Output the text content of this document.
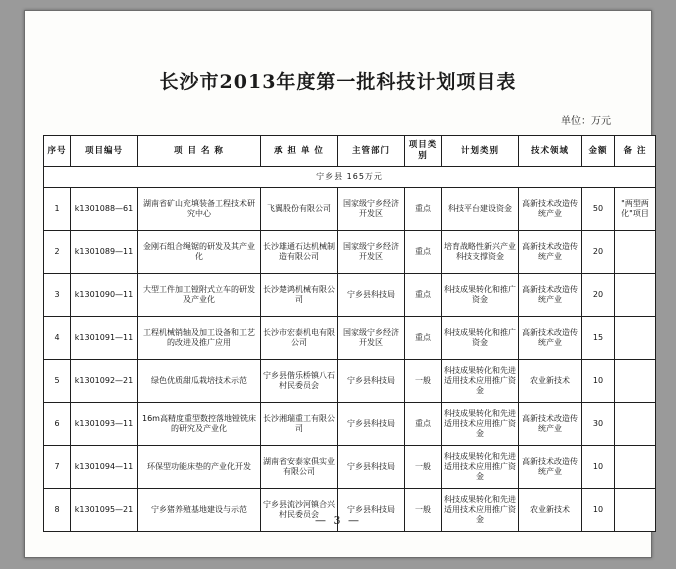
长沙市2013年度第一批科技计划项目表
单位：万元
序号	项目编号	项 目 名 称	承 担 单 位	主管部门	项目类别	计划类别	技术领域	金额	备 注
宁乡县 165万元									
1	k1301088—61	湖南省矿山充填装备工程技术研究中心	飞翼股份有限公司	国家级宁乡经济开发区	重点	科技平台建设资金	高新技术改造传统产业	50	"两型两化"项目
2	k1301089—11	金刚石组合绳锯的研发及其产业化	长沙雄通石达机械制造有限公司	国家级宁乡经济开发区	重点	培育战略性新兴产业科技支撑资金	高新技术改造传统产业	20	
3	k1301090—11	大型工件加工镗附式立车的研发及产业化	长沙楚鸿机械有限公司	宁乡县科技局	重点	科技成果转化和推广资金	高新技术改造传统产业	20	
4	k1301091—11	工程机械销轴及加工设备和工艺的改进及推广应用	长沙市宏泰机电有限公司	国家级宁乡经济开发区	重点	科技成果转化和推广资金	高新技术改造传统产业	15	
5	k1301092—21	绿色优质甜瓜栽培技术示范	宁乡县偕乐桥镇八石村民委员会	宁乡县科技局	一般	科技成果转化和先进适用技术应用推广资金	农业新技术	10	
6	k1301093—11	16m高精度重型数控落地镗铣床的研究及产业化	长沙湘瑞重工有限公司	宁乡县科技局	重点	科技成果转化和先进适用技术应用推广资金	高新技术改造传统产业	30	
7	k1301094—11	环保型功能床垫的产业化开发	湖南省安泰家俱实业有限公司	宁乡县科技局	一般	科技成果转化和先进适用技术应用推广资金	高新技术改造传统产业	10	
8	k1301095—21	宁乡猪养殖基地建设与示范	宁乡县流沙河镇合兴村民委员会	宁乡县科技局	一般	科技成果转化和先进适用技术应用推广资金	农业新技术	10	
— 3 —
